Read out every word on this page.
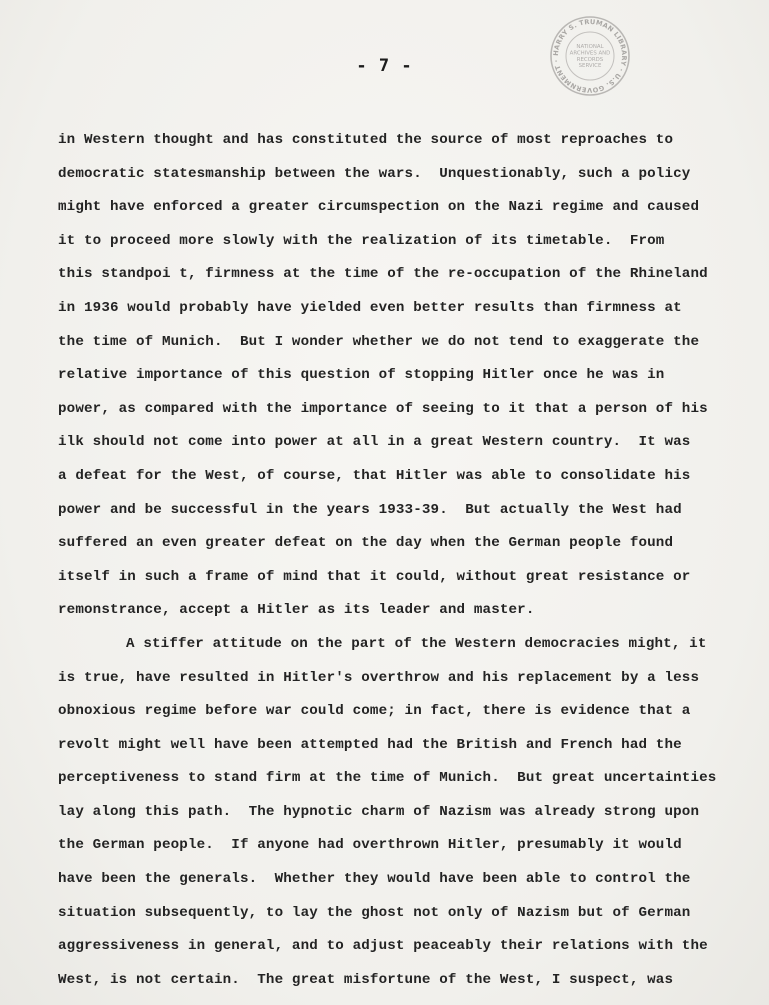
HARRY S. TRUMAN LIBRARY · U.S. GOVERNMENT ·
NATIONAL ARCHIVES AND RECORDS SERVICE
- 7 -
in Western thought and has constituted the source of most reproaches to
democratic statesmanship between the wars.  Unquestionably, such a policy
might have enforced a greater circumspection on the Nazi regime and caused
it to proceed more slowly with the realization of its timetable.  From
this standpoi t, firmness at the time of the re-occupation of the Rhineland
in 1936 would probably have yielded even better results than firmness at
the time of Munich.  But I wonder whether we do not tend to exaggerate the
relative importance of this question of stopping Hitler once he was in
power, as compared with the importance of seeing to it that a person of his
ilk should not come into power at all in a great Western country.  It was
a defeat for the West, of course, that Hitler was able to consolidate his
power and be successful in the years 1933-39.  But actually the West had
suffered an even greater defeat on the day when the German people found
itself in such a frame of mind that it could, without great resistance or
remonstrance, accept a Hitler as its leader and master.
A stiffer attitude on the part of the Western democracies might, it
is true, have resulted in Hitler's overthrow and his replacement by a less
obnoxious regime before war could come; in fact, there is evidence that a
revolt might well have been attempted had the British and French had the
perceptiveness to stand firm at the time of Munich.  But great uncertainties
lay along this path.  The hypnotic charm of Nazism was already strong upon
the German people.  If anyone had overthrown Hitler, presumably it would
have been the generals.  Whether they would have been able to control the
situation subsequently, to lay the ghost not only of Nazism but of German
aggressiveness in general, and to adjust peaceably their relations with the
West, is not certain.  The great misfortune of the West, I suspect, was
